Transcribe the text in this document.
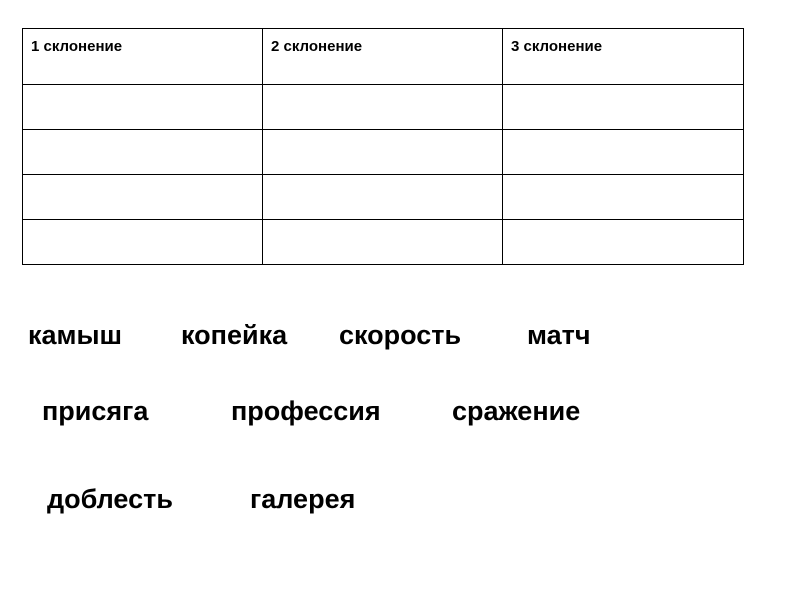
1 склонение	2 склонение	3 склонение

камыш копейка скорость матч
присяга	профессия	сражение
доблесть	галерея
